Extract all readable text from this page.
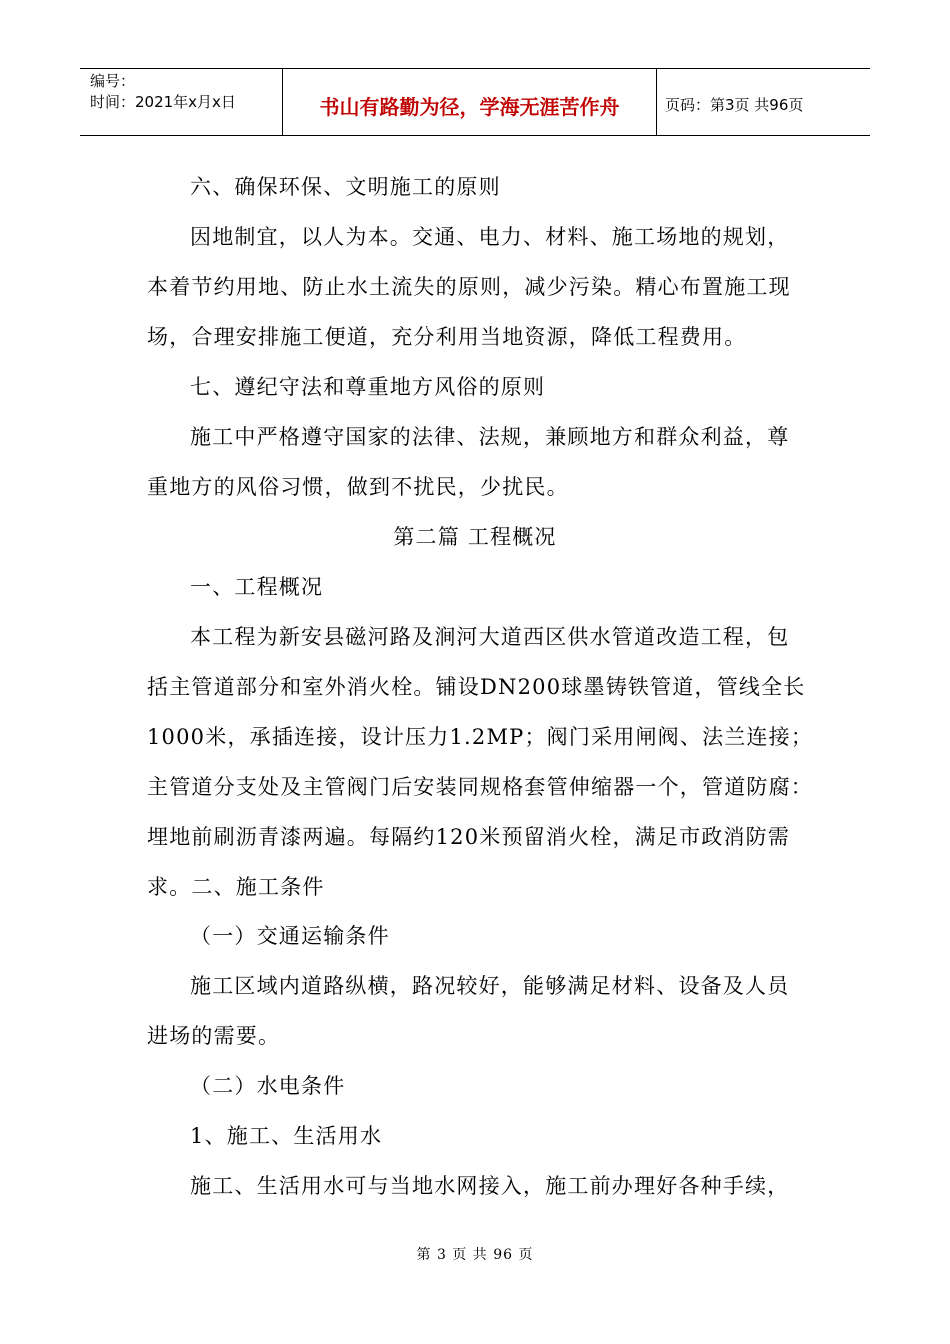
编号：
时间：2021年x月x日	书山有路勤为径，学海无涯苦作舟	页码：第3页 共96页
六、确保环保、文明施工的原则
因地制宜，以人为本。交通、电力、材料、施工场地的规划，
本着节约用地、防止水土流失的原则，减少污染。精心布置施工现
场，合理安排施工便道，充分利用当地资源，降低工程费用。
七、遵纪守法和尊重地方风俗的原则
施工中严格遵守国家的法律、法规，兼顾地方和群众利益，尊
重地方的风俗习惯，做到不扰民，少扰民。
第二篇 工程概况
一、工程概况
本工程为新安县磁河路及涧河大道西区供水管道改造工程，包
括主管道部分和室外消火栓。铺设DN200球墨铸铁管道，管线全长
1000米，承插连接，设计压力1.2MP；阀门采用闸阀、法兰连接；
主管道分支处及主管阀门后安装同规格套管伸缩器一个，管道防腐：
埋地前刷沥青漆两遍。每隔约120米预留消火栓，满足市政消防需
求。二、施工条件
（一）交通运输条件
施工区域内道路纵横，路况较好，能够满足材料、设备及人员
进场的需要。
（二）水电条件
1、施工、生活用水
施工、生活用水可与当地水网接入，施工前办理好各种手续，
第 3 页 共 96 页
